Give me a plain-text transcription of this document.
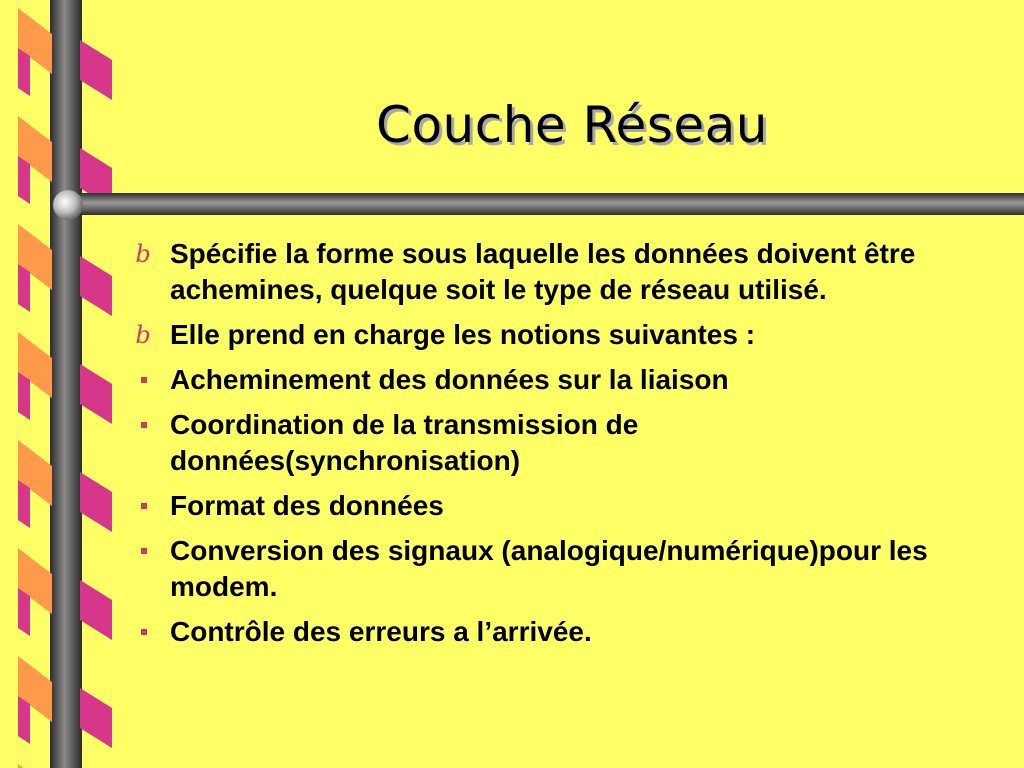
Couche Réseau
b Spécifie la forme sous laquelle les données doivent être achemines, quelque soit le type de réseau utilisé.
b Elle prend en charge les notions suivantes :
Acheminement des données sur la liaison
Coordination de la transmission de données(synchronisation)
Format des données
Conversion des signaux (analogique/numérique)pour les modem.
Contrôle des erreurs a l’arrivée.
